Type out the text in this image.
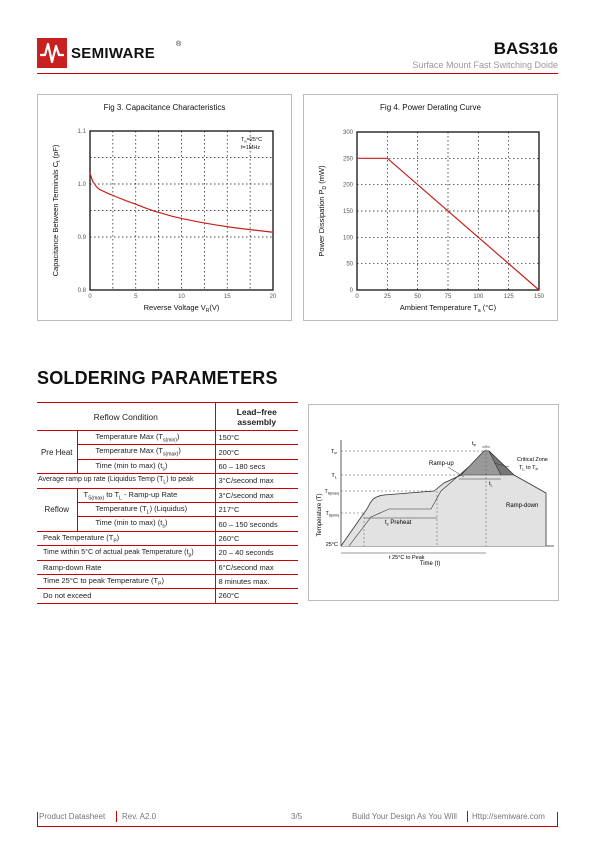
SEMIWARE
®	BAS316
Surface Mount Fast Switching Doide
Fig 3. Capacitance Characteristics
0	5	10	15	20
0.8
0.9
1.0
1.1
Reverse Voltage $V_R(V)$
Capacitance Between Terminals $C_t$ (pF)
$T_a=25^\circ C$
f=1MHz
Fig 4. Power Derating Curve
0	25	50	75	100	125	150
0
50
100
150
200
250
300
Ambient Temperature $T_a$ (°C)
Power Dissipation $P_D$ (mW)
SOLDERING PARAMETERS
Reflow Condition		Lead–free assembly
Pre Heat	Temperature Max $(T_{s(min)})$	150°C
	Temperature Max $(T_{s(max)})$	200°C
	Time (min to max) $(t_s)$	60 – 180 secs
Average ramp up rate (Liquidus Temp $(T_L)$ to peak		3°C/second max
Reflow	$T_{S(max)}$ to $T_L$ - Ramp-up Rate	3°C/second max
	Temperature $(T_L)$ (Liquidus)	217°C
	Time (min to max) $(t_s)$	60 – 150 seconds
Peak Temperature $(T_P)$		260°C
Time within 5°C of actual peak Temperature $(t_p)$		20 – 40 seconds
Ramp-down Rate		6°C/second max
Time 25°C to peak Temperature $(T_P)$		8 minutes max.
Do not exceed		260°C
Temperature (T)
Time (t)
$T_P$
$T_L$
$T_{S(max)}$
$T_{S(min)}$
25°C
$t_P$
$t_L$
Ramp-up
Ramp-down
Critical Zone
$T_L$ to $T_P$
$t_s$ Preheat
t 25°C to Peak
Product Datasheet Rev. A2.0	3/5	Build Your Design As You Will Http://semiware.com
